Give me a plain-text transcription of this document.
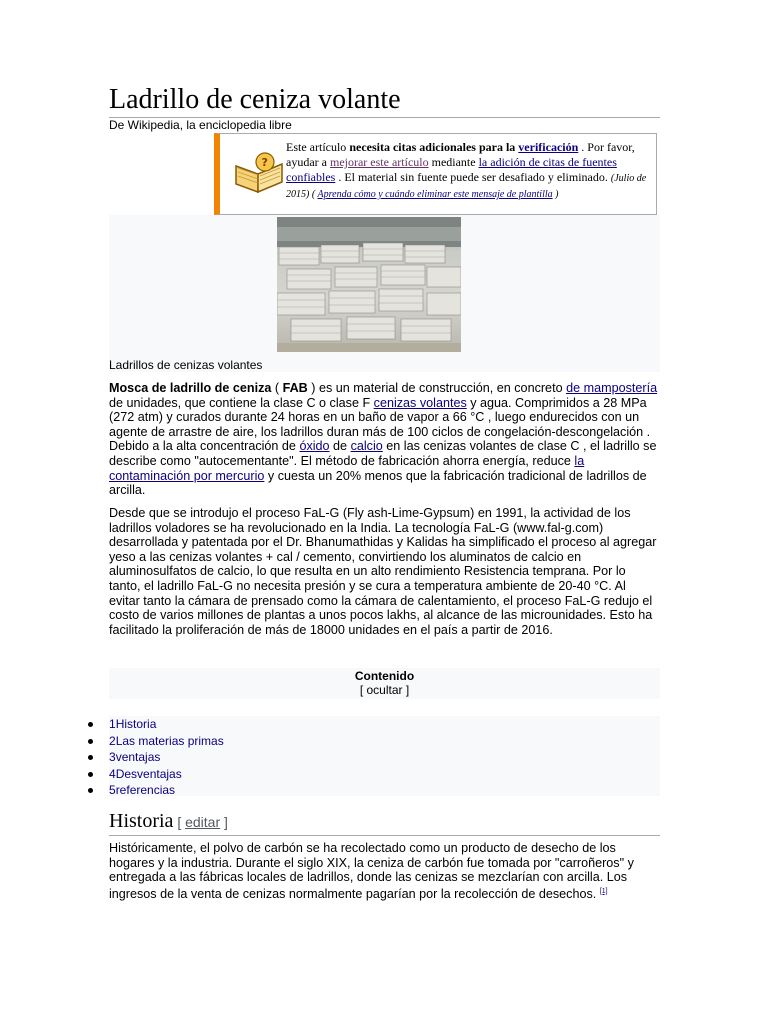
Ladrillo de ceniza volante
De Wikipedia, la enciclopedia libre
?
Este artículo necesita citas adicionales para la verificación . Por favor, ayudar a mejorar este artículo mediante la adición de citas de fuentes confiables . El material sin fuente puede ser desafiado y eliminado. (Julio de 2015) ( Aprenda cómo y cuándo eliminar este mensaje de plantilla )
Ladrillos de cenizas volantes
Mosca de ladrillo de ceniza ( FAB ) es un material de construcción, en concreto de mampostería de unidades, que contiene la clase C o clase F cenizas volantes y agua. Comprimidos a 28 MPa (272 atm) y curados durante 24 horas en un baño de vapor a 66 °C , luego endurecidos con un agente de arrastre de aire, los ladrillos duran más de 100 ciclos de congelación-descongelación . Debido a la alta concentración de óxido de calcio en las cenizas volantes de clase C , el ladrillo se describe como "autocementante". El método de fabricación ahorra energía, reduce la contaminación por mercurio y cuesta un 20% menos que la fabricación tradicional de ladrillos de arcilla.
Desde que se introdujo el proceso FaL-G (Fly ash-Lime-Gypsum) en 1991, la actividad de los ladrillos voladores se ha revolucionado en la India. La tecnología FaL-G (www.fal-g.com) desarrollada y patentada por el Dr. Bhanumathidas y Kalidas ha simplificado el proceso al agregar yeso a las cenizas volantes + cal / cemento, convirtiendo los aluminatos de calcio en aluminosulfatos de calcio, lo que resulta en un alto rendimiento Resistencia temprana. Por lo tanto, el ladrillo FaL-G no necesita presión y se cura a temperatura ambiente de 20-40 °C. Al evitar tanto la cámara de prensado como la cámara de calentamiento, el proceso FaL-G redujo el costo de varios millones de plantas a unos pocos lakhs, al alcance de las microunidades. Esto ha facilitado la proliferación de más de 18000 unidades en el país a partir de 2016.
Contenido
[ ocultar ]
1Historia
2Las materias primas
3ventajas
4Desventajas
5referencias
Historia [ editar ]
Históricamente, el polvo de carbón se ha recolectado como un producto de desecho de los hogares y la industria. Durante el siglo XIX, la ceniza de carbón fue tomada por "carroñeros" y entregada a las fábricas locales de ladrillos, donde las cenizas se mezclarían con arcilla. Los ingresos de la venta de cenizas normalmente pagarían por la recolección de desechos. [1]
